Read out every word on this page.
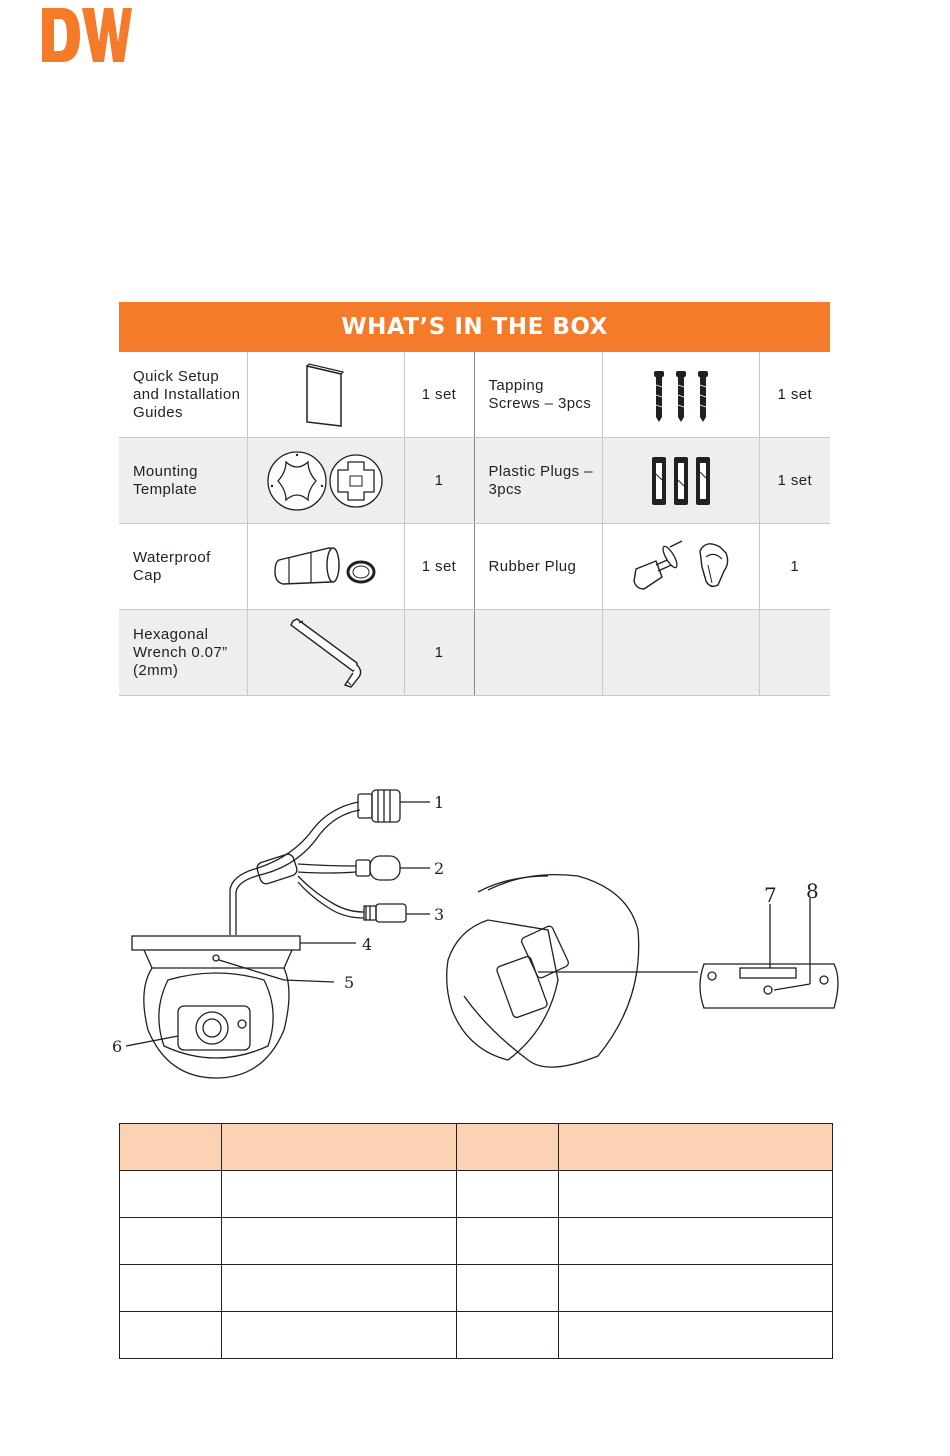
WHAT’S IN THE BOX					
Quick Setup and Installation Guides		1 set	Tapping Screws – 3pcs		1 set
Mounting Template		1	Plastic Plugs – 3pcs		1 set
Waterproof Cap		1 set	Rubber Plug		1
Hexagonal Wrench 0.07” (2mm)		1			
1
2
3
4
5
6
7 8
